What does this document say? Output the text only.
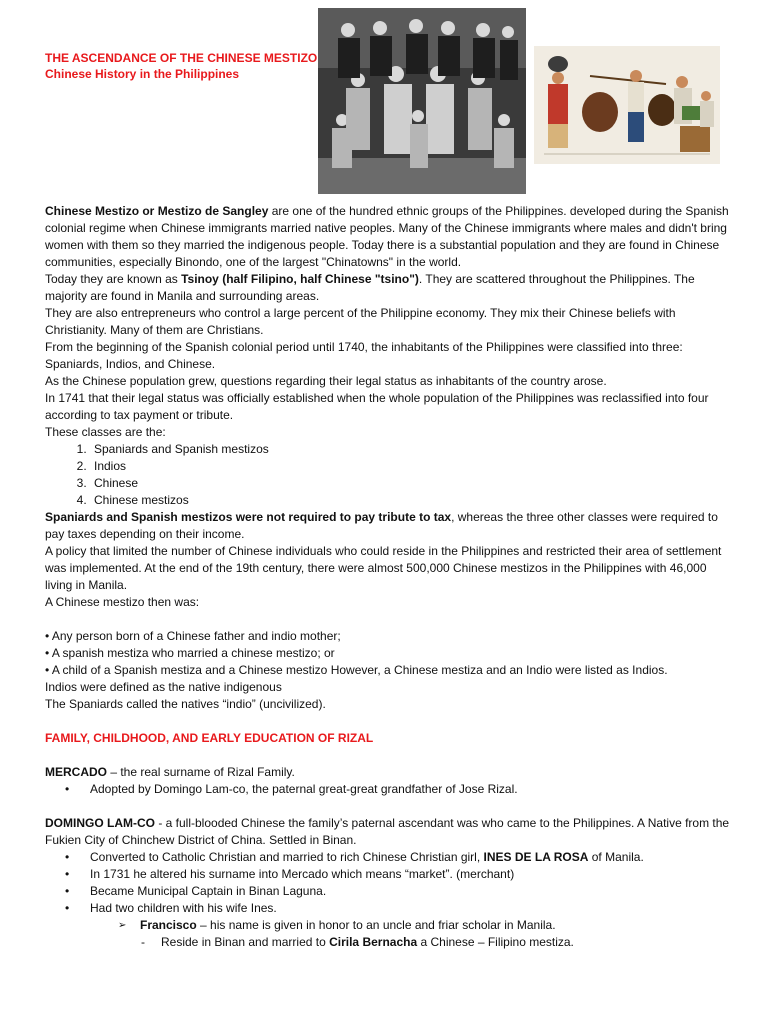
THE ASCENDANCE OF THE CHINESE MESTIZO
Chinese History in the Philippines

Chinese Mestizo or Mestizo de Sangley are one of the hundred ethnic groups of the Philippines. developed during the Spanish colonial regime when Chinese immigrants married native peoples. Many of the Chinese immigrants where males and didn't bring women with them so they married the indigenous people. Today there is a substantial population and they are found in Chinese communities, especially Binondo, one of the largest "Chinatowns" in the world.

Today they are known as Tsinoy (half Filipino, half Chinese "tsino"). They are scattered throughout the Philippines. The majority are found in Manila and surrounding areas.

They are also entrepreneurs who control a large percent of the Philippine economy. They mix their Chinese beliefs with Christianity. Many of them are Christians.

From the beginning of the Spanish colonial period until 1740, the inhabitants of the Philippines were classified into three: Spaniards, Indios, and Chinese.

As the Chinese population grew, questions regarding their legal status as inhabitants of the country arose.

In 1741 that their legal status was officially established when the whole population of the Philippines was reclassified into four according to tax payment or tribute.

These classes are the:

1. Spaniards and Spanish mestizos
2. Indios
3. Chinese
4. Chinese mestizos

Spaniards and Spanish mestizos were not required to pay tribute to tax, whereas the three other classes were required to pay taxes depending on their income.

A policy that limited the number of Chinese individuals who could reside in the Philippines and restricted their area of settlement was implemented. At the end of the 19th century, there were almost 500,000 Chinese mestizos in the Philippines with 46,000 living in Manila.

A Chinese mestizo then was:

• Any person born of a Chinese father and indio mother;

• A spanish mestiza who married a chinese mestizo; or

• A child of a Spanish mestiza and a Chinese mestizo However, a Chinese mestiza and an Indio were listed as Indios.

Indios were defined as the native indigenous

The Spaniards called the natives “indio” (uncivilized).

FAMILY, CHILDHOOD, AND EARLY EDUCATION OF RIZAL

MERCADO – the real surname of Rizal Family.

• Adopted by Domingo Lam-co, the paternal great-great grandfather of Jose Rizal.

DOMINGO LAM-CO - a full-blooded Chinese the family’s paternal ascendant was who came to the Philippines. A Native from the Fukien City of Chinchew District of China. Settled in Binan.

• Converted to Catholic Christian and married to rich Chinese Christian girl, INES DE LA ROSA of Manila.
• In 1731 he altered his surname into Mercado which means “market”. (merchant)
• Became Municipal Captain in Binan Laguna.
• Had two children with his wife Ines.

➢ Francisco – his name is given in honor to an uncle and friar scholar in Manila.

- Reside in Binan and married to Cirila Bernacha a Chinese – Filipino mestiza.
